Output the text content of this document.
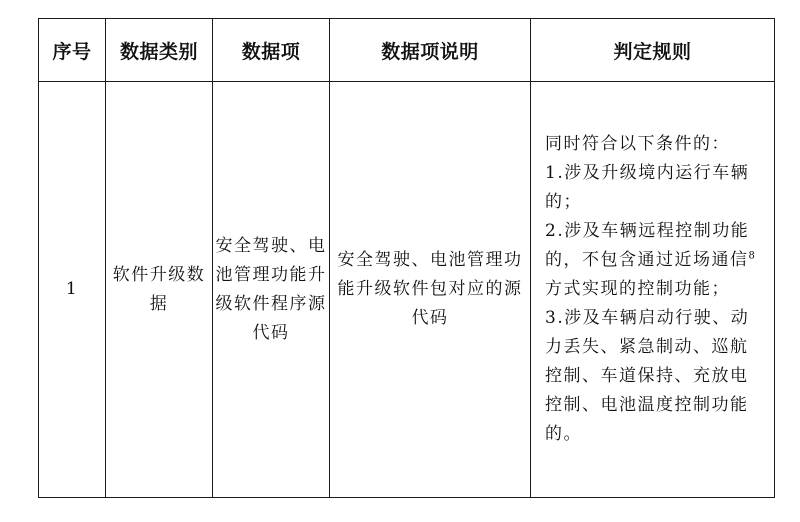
序号	数据类别	数据项	数据项说明	判定规则
1	软件升级数据	安全驾驶、电池管理功能升级软件程序源代码	安全驾驶、电池管理功能升级软件包对应的源代码	同时符合以下条件的：
1.涉及升级境内运行车辆的；
2.涉及车辆远程控制功能的，不包含通过近场通信$^8$方式实现的控制功能；
3.涉及车辆启动行驶、动力丢失、紧急制动、巡航控制、车道保持、充放电控制、电池温度控制功能的。
